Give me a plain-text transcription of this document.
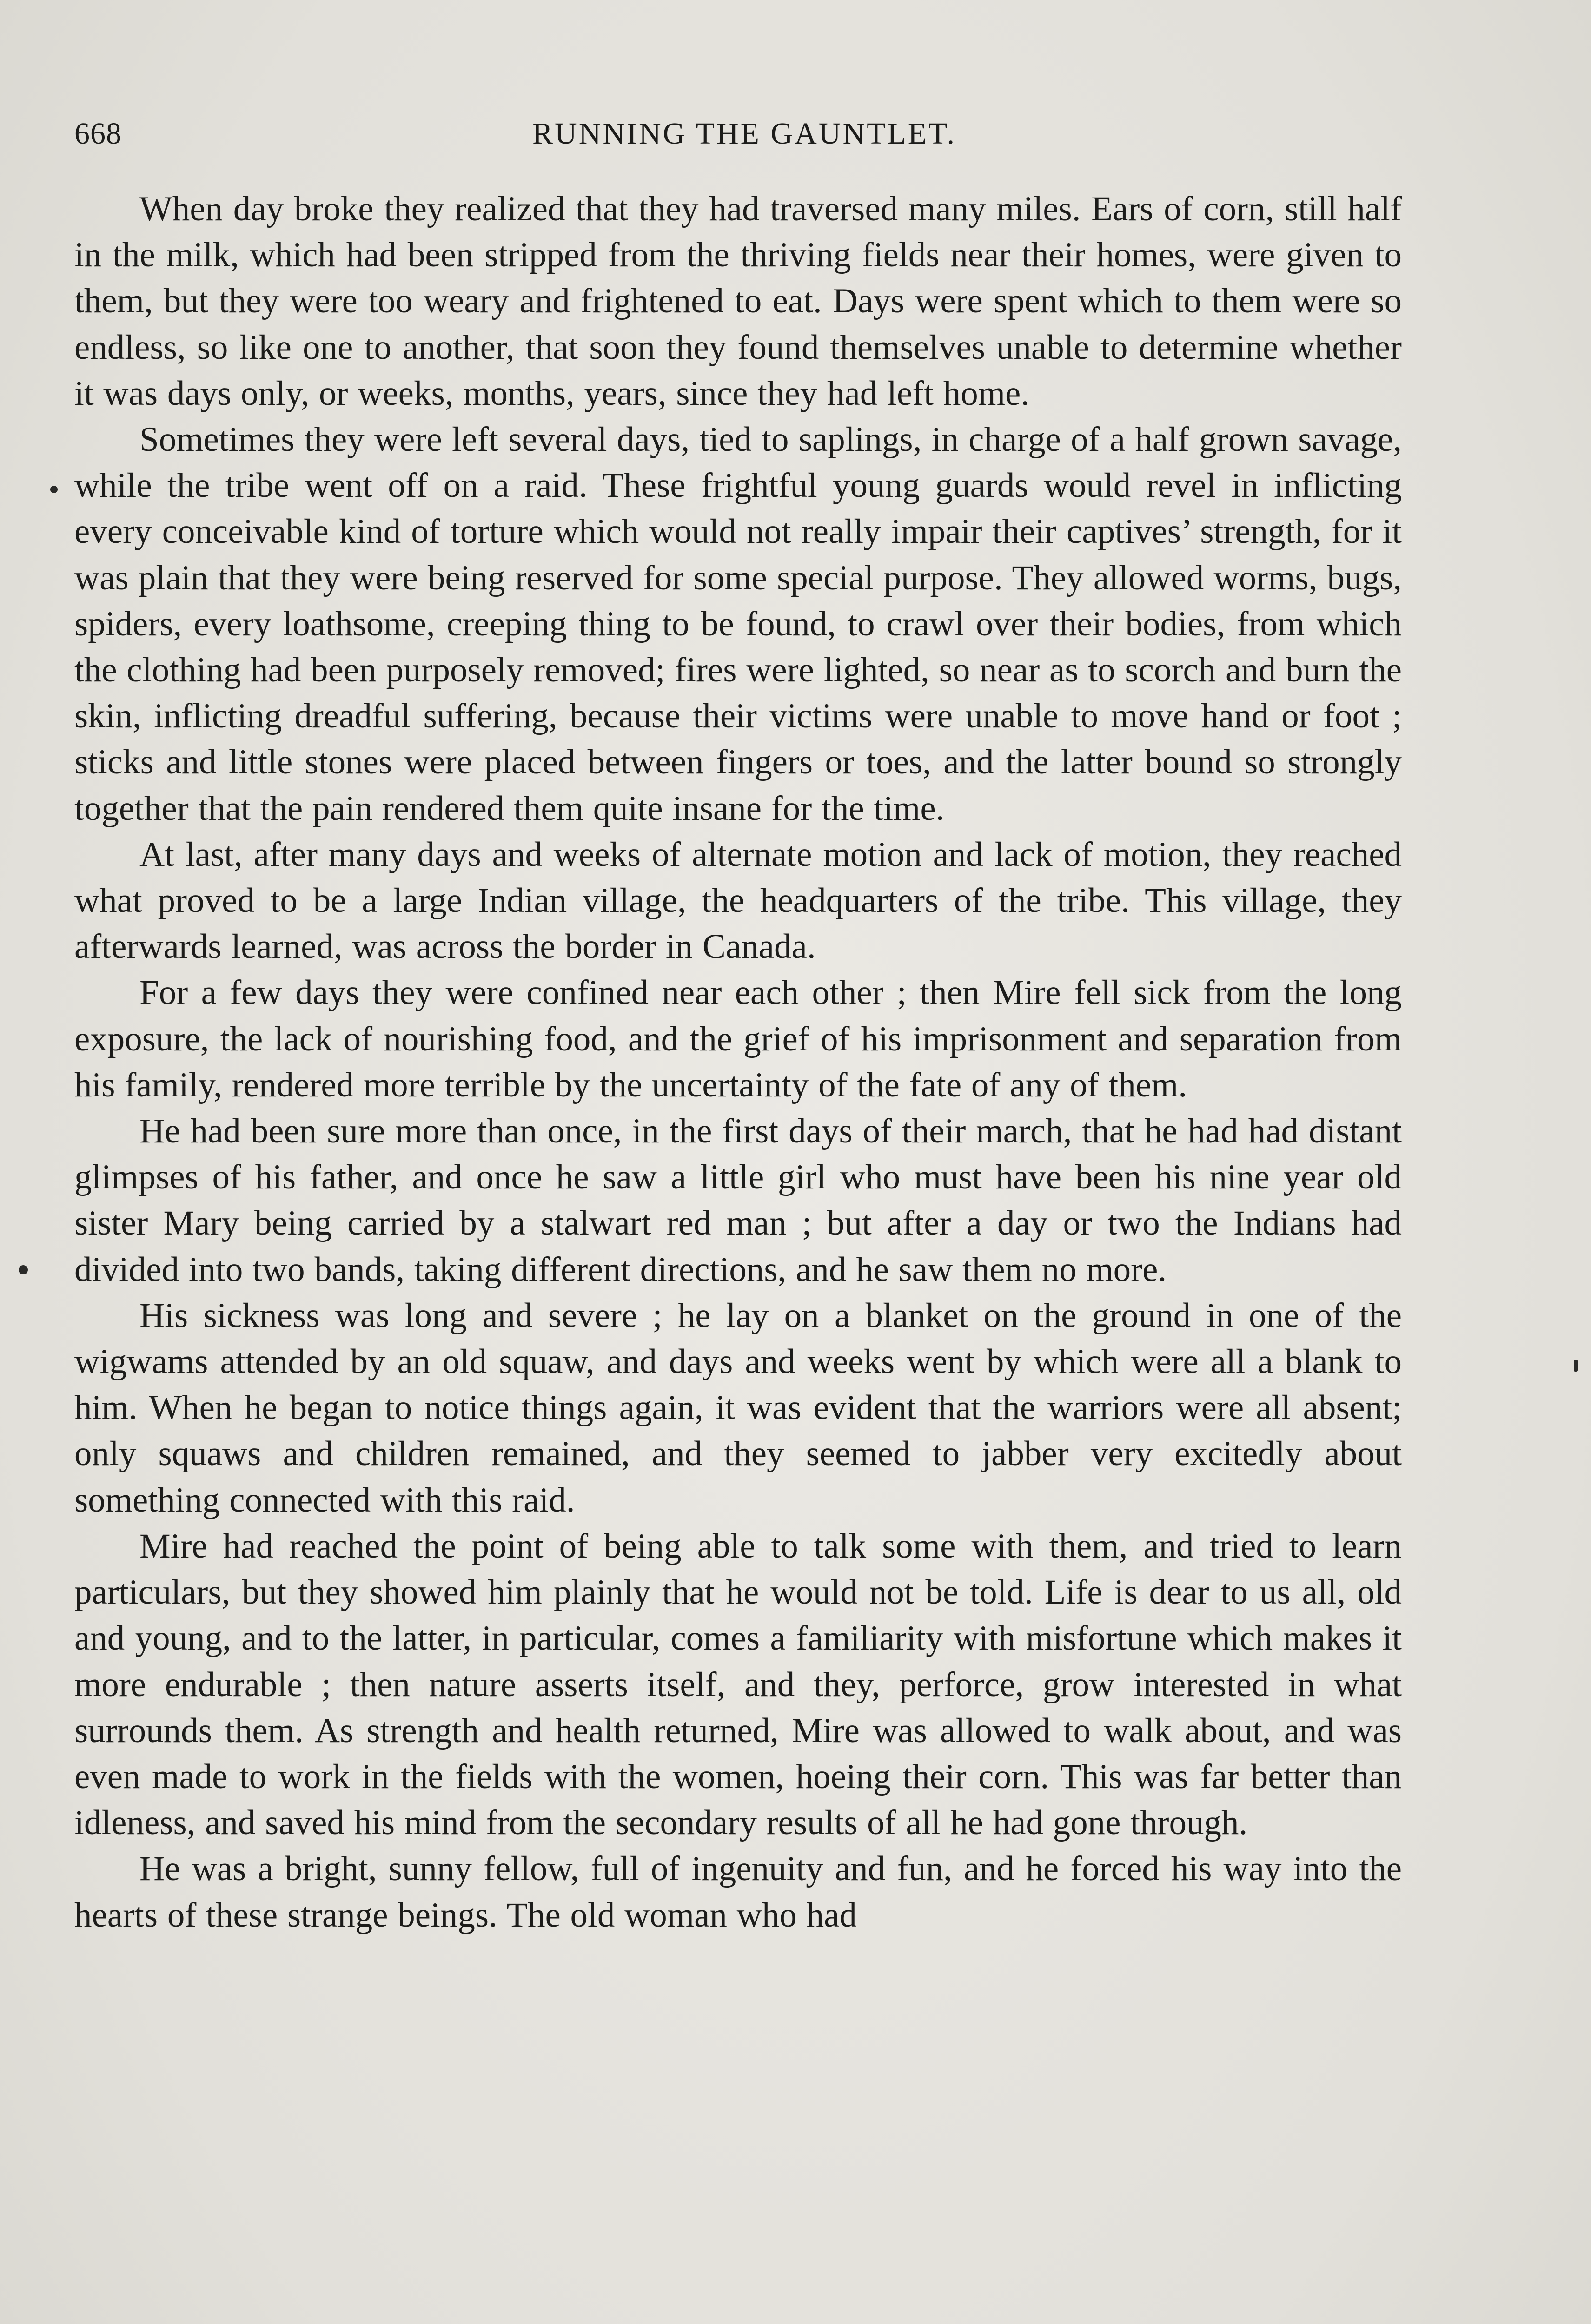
668	RUNNING THE GAUNTLET.

When day broke they realized that they had traversed many miles. Ears of corn, still half in the milk, which had been stripped from the thriving fields near their homes, were given to them, but they were too weary and frightened to eat. Days were spent which to them were so endless, so like one to another, that soon they found themselves unable to determine whether it was days only, or weeks, months, years, since they had left home.

Sometimes they were left several days, tied to saplings, in charge of a half grown savage, while the tribe went off on a raid. These frightful young guards would revel in inflicting every conceivable kind of torture which would not really impair their captives’ strength, for it was plain that they were being reserved for some special purpose. They allowed worms, bugs, spiders, every loathsome, creeping thing to be found, to crawl over their bodies, from which the clothing had been purposely removed; fires were lighted, so near as to scorch and burn the skin, inflicting dreadful suffering, because their victims were unable to move hand or foot ; sticks and little stones were placed between fingers or toes, and the latter bound so strongly together that the pain rendered them quite insane for the time.

At last, after many days and weeks of alternate motion and lack of motion, they reached what proved to be a large Indian village, the headquarters of the tribe. This village, they afterwards learned, was across the border in Canada.

For a few days they were confined near each other ; then Mire fell sick from the long exposure, the lack of nourishing food, and the grief of his imprisonment and separation from his family, rendered more terrible by the uncertainty of the fate of any of them.

He had been sure more than once, in the first days of their march, that he had had distant glimpses of his father, and once he saw a little girl who must have been his nine year old sister Mary being carried by a stalwart red man ; but after a day or two the Indians had divided into two bands, taking different directions, and he saw them no more.

His sickness was long and severe ; he lay on a blanket on the ground in one of the wigwams attended by an old squaw, and days and weeks went by which were all a blank to him. When he began to notice things again, it was evident that the warriors were all absent; only squaws and children remained, and they seemed to jabber very excitedly about something connected with this raid.

Mire had reached the point of being able to talk some with them, and tried to learn particulars, but they showed him plainly that he would not be told. Life is dear to us all, old and young, and to the latter, in particular, comes a familiarity with misfortune which makes it more endurable ; then nature asserts itself, and they, perforce, grow interested in what surrounds them. As strength and health returned, Mire was allowed to walk about, and was even made to work in the fields with the women, hoeing their corn. This was far better than idleness, and saved his mind from the secondary results of all he had gone through.

He was a bright, sunny fellow, full of ingenuity and fun, and he forced his way into the hearts of these strange beings. The old woman who had
